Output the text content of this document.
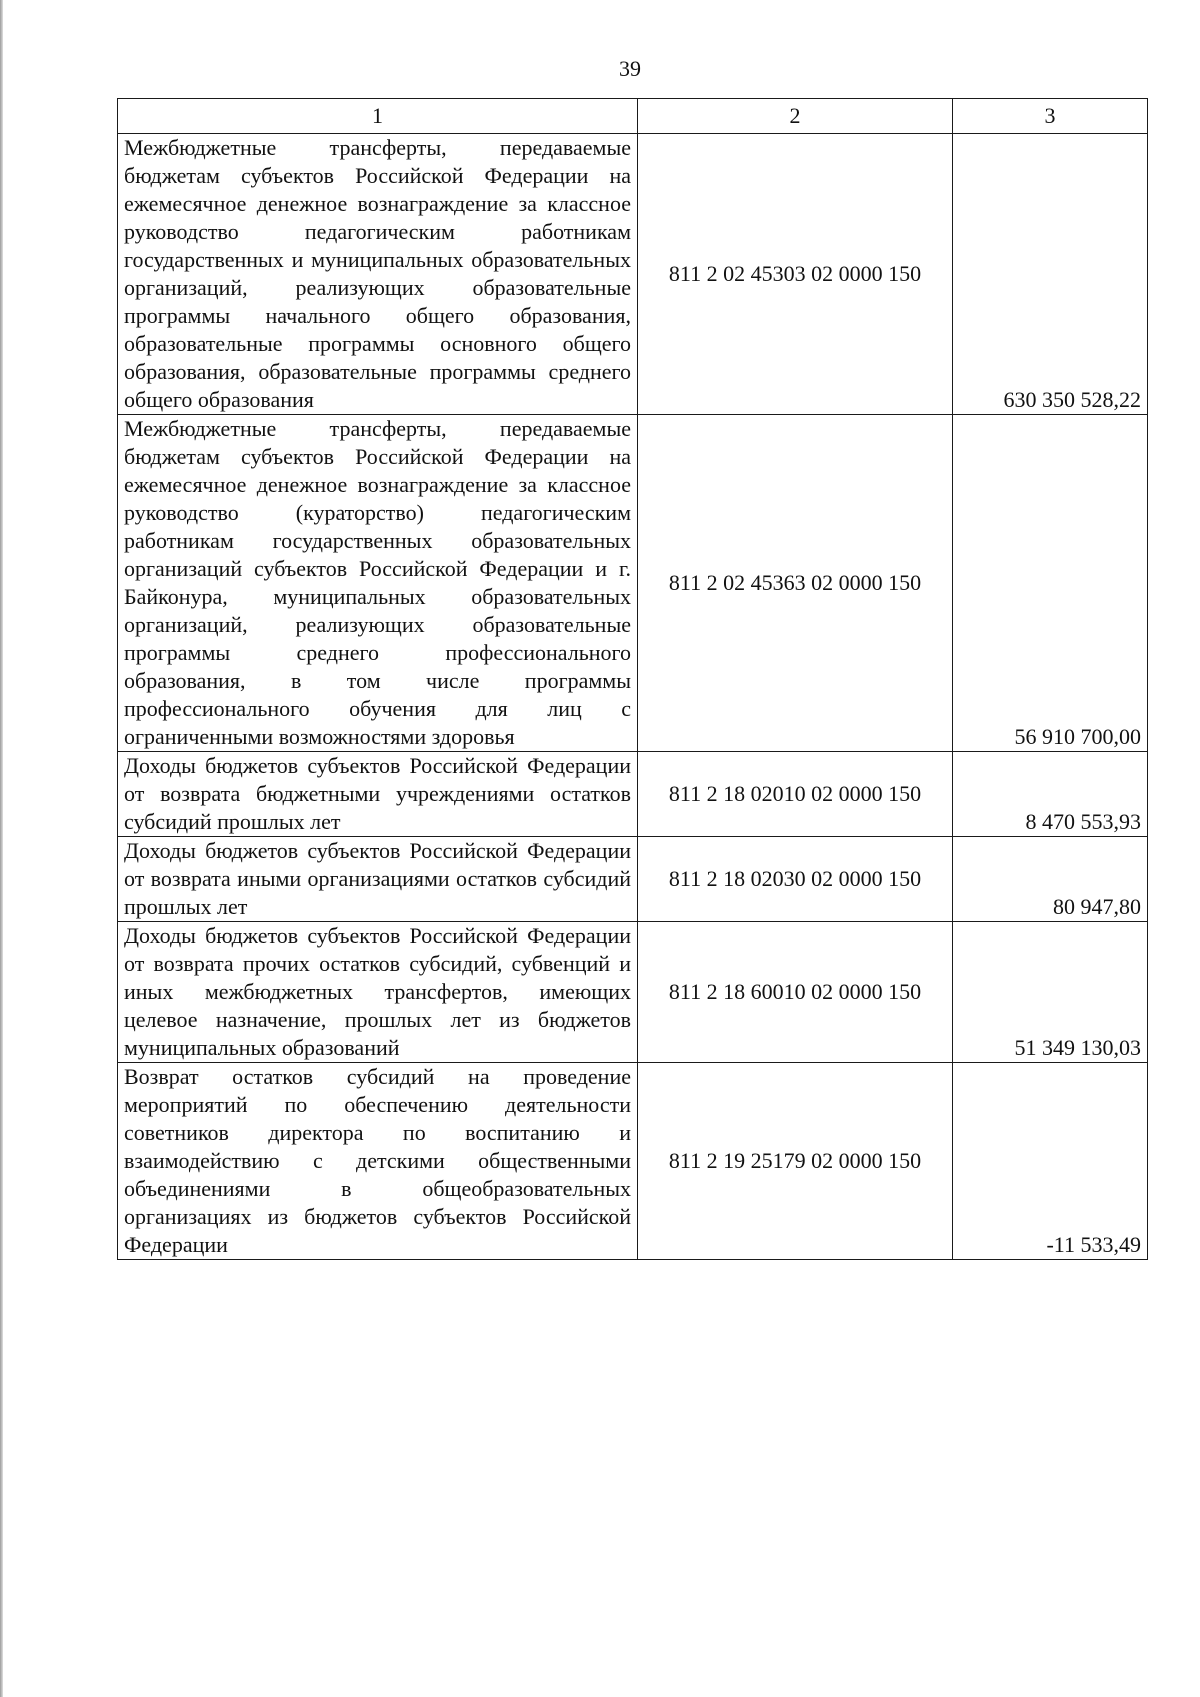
39
1	2	3
Межбюджетные трансферты, передаваемые бюджетам субъектов Российской Федерации на ежемесячное денежное вознаграждение за классное руководство педагогическим работникам государственных и муниципальных образовательных организаций, реализующих образовательные программы начального общего образования, образовательные программы основного общего образования, образовательные программы среднего общего образования	811 2 02 45303 02 0000 150	630 350 528,22
Межбюджетные трансферты, передаваемые бюджетам субъектов Российской Федерации на ежемесячное денежное вознаграждение за классное руководство (кураторство) педагогическим работникам государственных образовательных организаций субъектов Российской Федерации и г. Байконура, муниципальных образовательных организаций, реализующих образовательные программы среднего профессионального образования, в том числе программы профессионального обучения для лиц с ограниченными возможностями здоровья	811 2 02 45363 02 0000 150	56 910 700,00
Доходы бюджетов субъектов Российской Федерации от возврата бюджетными учреждениями остатков субсидий прошлых лет	811 2 18 02010 02 0000 150	8 470 553,93
Доходы бюджетов субъектов Российской Федерации от возврата иными организациями остатков субсидий прошлых лет	811 2 18 02030 02 0000 150	80 947,80
Доходы бюджетов субъектов Российской Федерации от возврата прочих остатков субсидий, субвенций и иных межбюджетных трансфертов, имеющих целевое назначение, прошлых лет из бюджетов муниципальных образований	811 2 18 60010 02 0000 150	51 349 130,03
Возврат остатков субсидий на проведение мероприятий по обеспечению деятельности советников директора по воспитанию и взаимодействию с детскими общественными объединениями в общеобразовательных организациях из бюджетов субъектов Российской Федерации	811 2 19 25179 02 0000 150	-11 533,49
